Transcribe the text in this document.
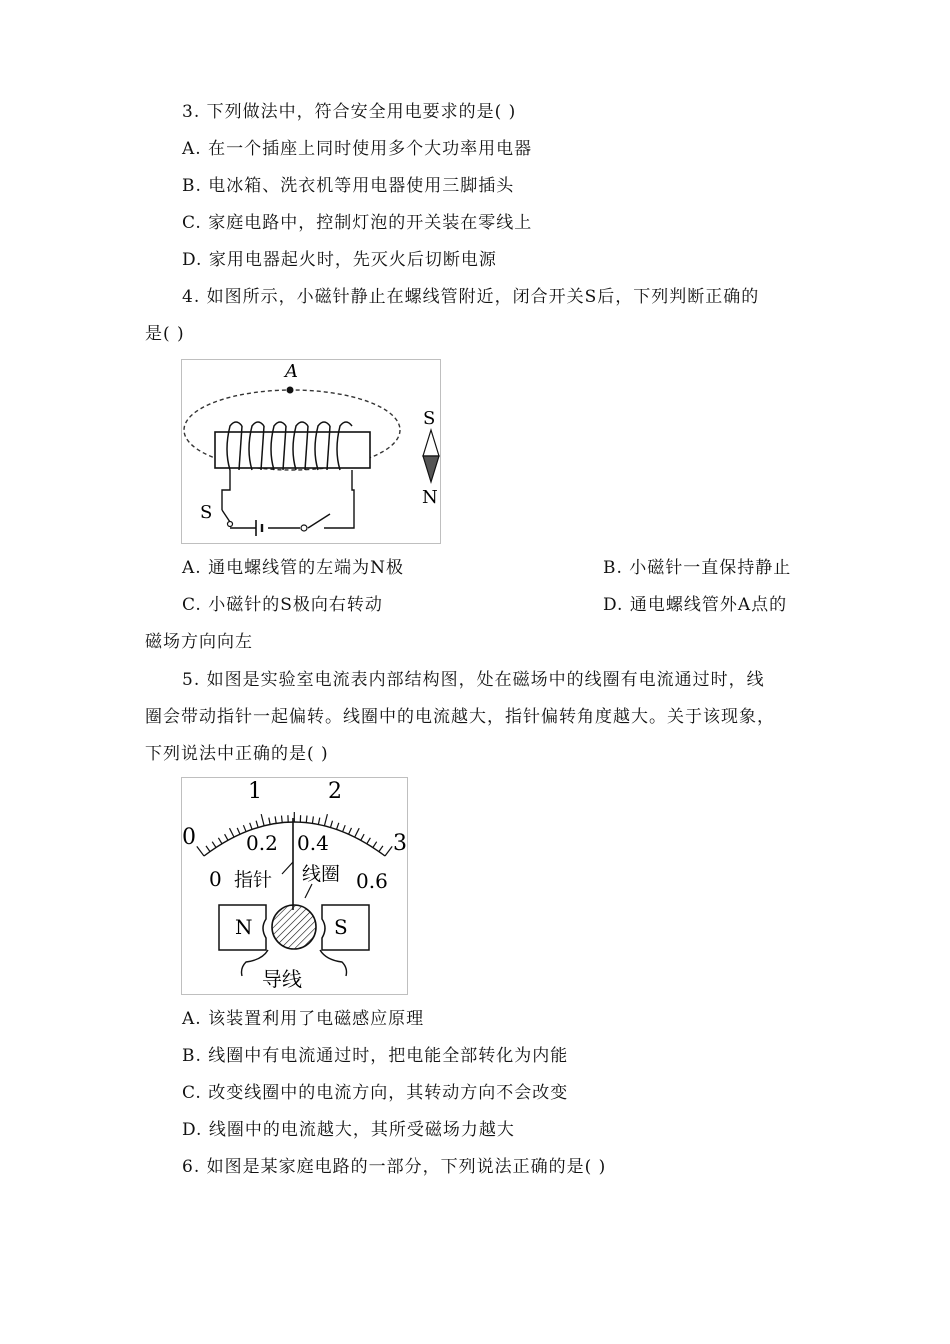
3. 下列做法中，符合安全用电要求的是( )
A. 在一个插座上同时使用多个大功率用电器
B. 电冰箱、洗衣机等用电器使用三脚插头
C. 家庭电路中，控制灯泡的开关装在零线上
D. 家用电器起火时，先灭火后切断电源
4. 如图所示，小磁针静止在螺线管附近，闭合开关S后，下列判断正确的
是( )
A
S
S
N
A. 通电螺线管的左端为N极	B. 小磁针一直保持静止
C. 小磁针的S极向右转动	D. 通电螺线管外A点的
磁场方向向左
5. 如图是实验室电流表内部结构图，处在磁场中的线圈有电流通过时，线
圈会带动指针一起偏转。线圈中的电流越大，指针偏转角度越大。关于该现象，
下列说法中正确的是( )
0
1	2
3
0
0.2 0.4
0.6
指针 线圈
N	S
导线
A. 该装置利用了电磁感应原理
B. 线圈中有电流通过时，把电能全部转化为内能
C. 改变线圈中的电流方向，其转动方向不会改变
D. 线圈中的电流越大，其所受磁场力越大
6. 如图是某家庭电路的一部分，下列说法正确的是( )
